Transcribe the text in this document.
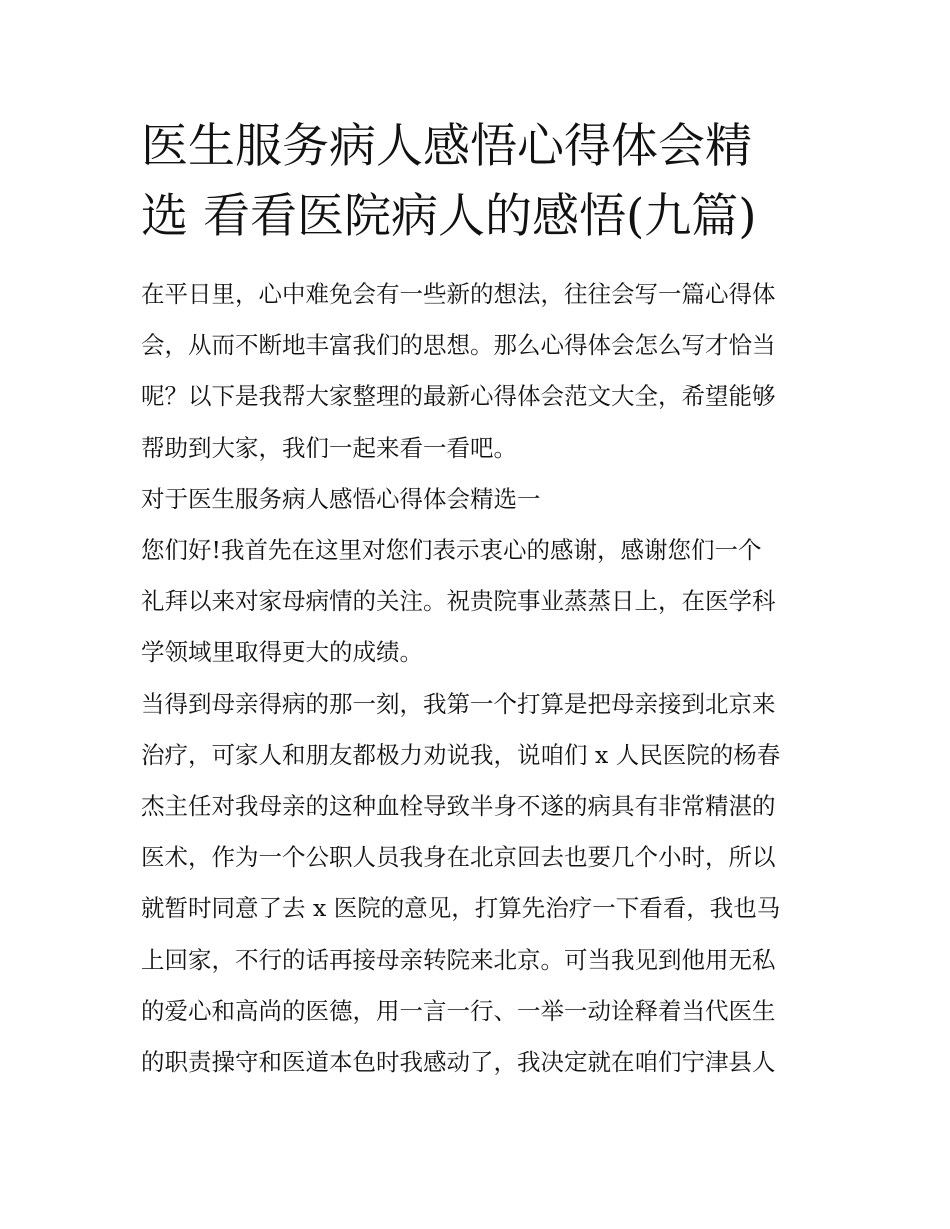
医生服务病人感悟心得体会精
选 看看医院病人的感悟(九篇)

在平日里，心中难免会有一些新的想法，往往会写一篇心得体
会，从而不断地丰富我们的思想。那么心得体会怎么写才恰当
呢？以下是我帮大家整理的最新心得体会范文大全，希望能够
帮助到大家，我们一起来看一看吧。

对于医生服务病人感悟心得体会精选一

您们好!我首先在这里对您们表示衷心的感谢，感谢您们一个
礼拜以来对家母病情的关注。祝贵院事业蒸蒸日上，在医学科
学领域里取得更大的成绩。

当得到母亲得病的那一刻，我第一个打算是把母亲接到北京来
治疗，可家人和朋友都极力劝说我，说咱们 x 人民医院的杨春
杰主任对我母亲的这种血栓导致半身不遂的病具有非常精湛的
医术，作为一个公职人员我身在北京回去也要几个小时，所以
就暂时同意了去 x 医院的意见，打算先治疗一下看看，我也马
上回家，不行的话再接母亲转院来北京。可当我见到他用无私
的爱心和高尚的医德，用一言一行、一举一动诠释着当代医生
的职责操守和医道本色时我感动了，我决定就在咱们宁津县人
